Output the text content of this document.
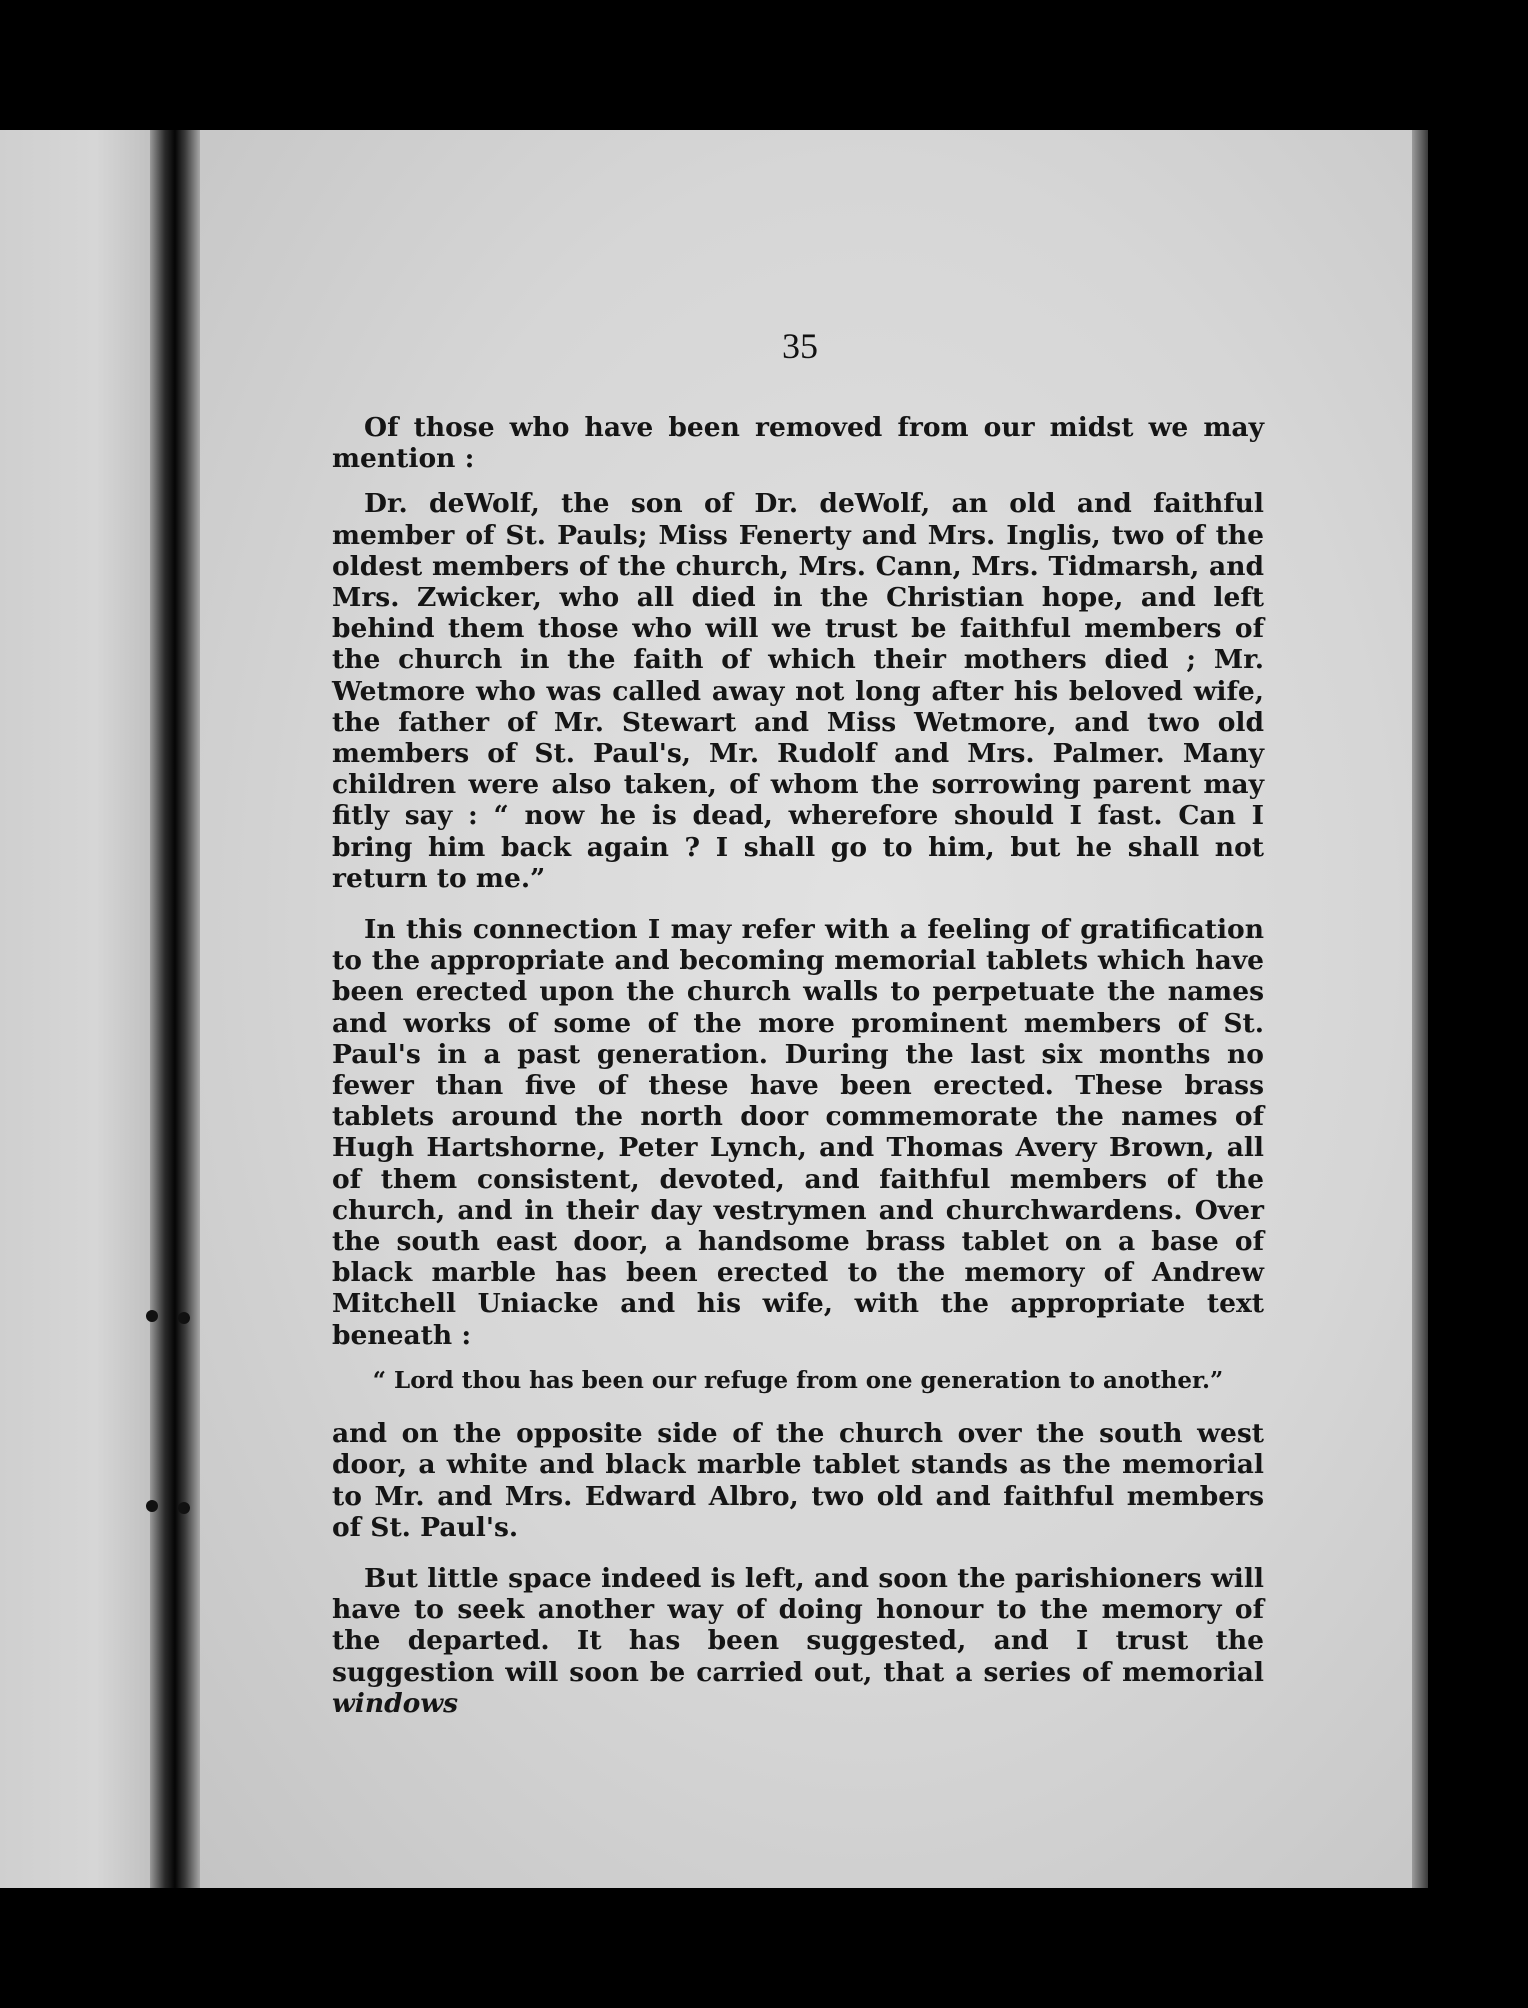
35

Of those who have been removed from our midst we may mention :

Dr. deWolf, the son of Dr. deWolf, an old and faithful member of St. Pauls; Miss Fenerty and Mrs. Inglis, two of the oldest members of the church, Mrs. Cann, Mrs. Tidmarsh, and Mrs. Zwicker, who all died in the Christian hope, and left behind them those who will we trust be faithful members of the church in the faith of which their mothers died ; Mr. Wetmore who was called away not long after his beloved wife, the father of Mr. Stewart and Miss Wetmore, and two old members of St. Paul's, Mr. Rudolf and Mrs. Palmer. Many children were also taken, of whom the sorrowing parent may fitly say : “ now he is dead, wherefore should I fast. Can I bring him back again ? I shall go to him, but he shall not return to me.”

In this connection I may refer with a feeling of gratification to the appropriate and becoming memorial tablets which have been erected upon the church walls to perpetuate the names and works of some of the more prominent members of St. Paul's in a past generation. During the last six months no fewer than five of these have been erected. These brass tablets around the north door commemorate the names of Hugh Hartshorne, Peter Lynch, and Thomas Avery Brown, all of them consistent, devoted, and faithful members of the church, and in their day vestrymen and churchwardens. Over the south east door, a handsome brass tablet on a base of black marble has been erected to the memory of Andrew Mitchell Uniacke and his wife, with the appropriate text beneath :

“ Lord thou has been our refuge from one generation to another.”

and on the opposite side of the church over the south west door, a white and black marble tablet stands as the memorial to Mr. and Mrs. Edward Albro, two old and faithful members of St. Paul's.

But little space indeed is left, and soon the parishioners will have to seek another way of doing honour to the memory of the departed. It has been suggested, and I trust the suggestion will soon be carried out, that a series of memorial windows
